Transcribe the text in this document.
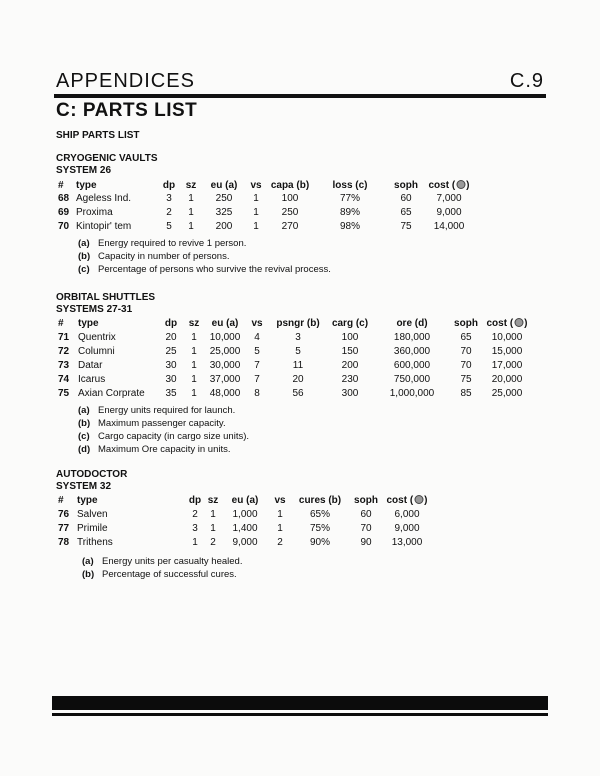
APPENDICES	C.9
C: PARTS LIST
SHIP PARTS LIST
CRYOGENIC VAULTS
SYSTEM 26
# type	dp sz eu (a) vs capa (b) loss (c)	soph cost ( )
68 Ageless Ind.	3 1 250 1 100	77%	60 7,000
69 Proxima	2 1 325 1 250	89%	65 9,000
70 Kintopir' tem	5 1 200 1 270	98%	75 14,000
(a) Energy required to revive 1 person.
(b) Capacity in number of persons.
(c) Percentage of persons who survive the revival process.
ORBITAL SHUTTLES
SYSTEMS 27-31
# type	dp sz eu (a) vs psngr (b) carg (c)	ore (d)	soph cost ( )
71 Quentrix	20 1 10,000 4	3	100	180,000	65 10,000
72 Columni	25 1 25,000 5	5	150	360,000	70 15,000
73 Datar	30 1 30,000 7	11	200	600,000	70 17,000
74 Icarus	30 1 37,000 7	20	230	750,000	75 20,000
75 Axian Corprate 35 1 48,000 8	56	300	1,000,000	85 25,000
(a) Energy units required for launch.
(b) Maximum passenger capacity.
(c) Cargo capacity (in cargo size units).
(d) Maximum Ore capacity in units.
AUTODOCTOR
SYSTEM 32
# type	dp sz eu (a) vs cures (b) soph cost ( )
76 Salven	2 1 1,000 1	65%	60 6,000
77 Primile	3 1 1,400 1	75%	70 9,000
78 Trithens	1 2 9,000 2	90%	90 13,000
(a) Energy units per casualty healed.
(b) Percentage of successful cures.
